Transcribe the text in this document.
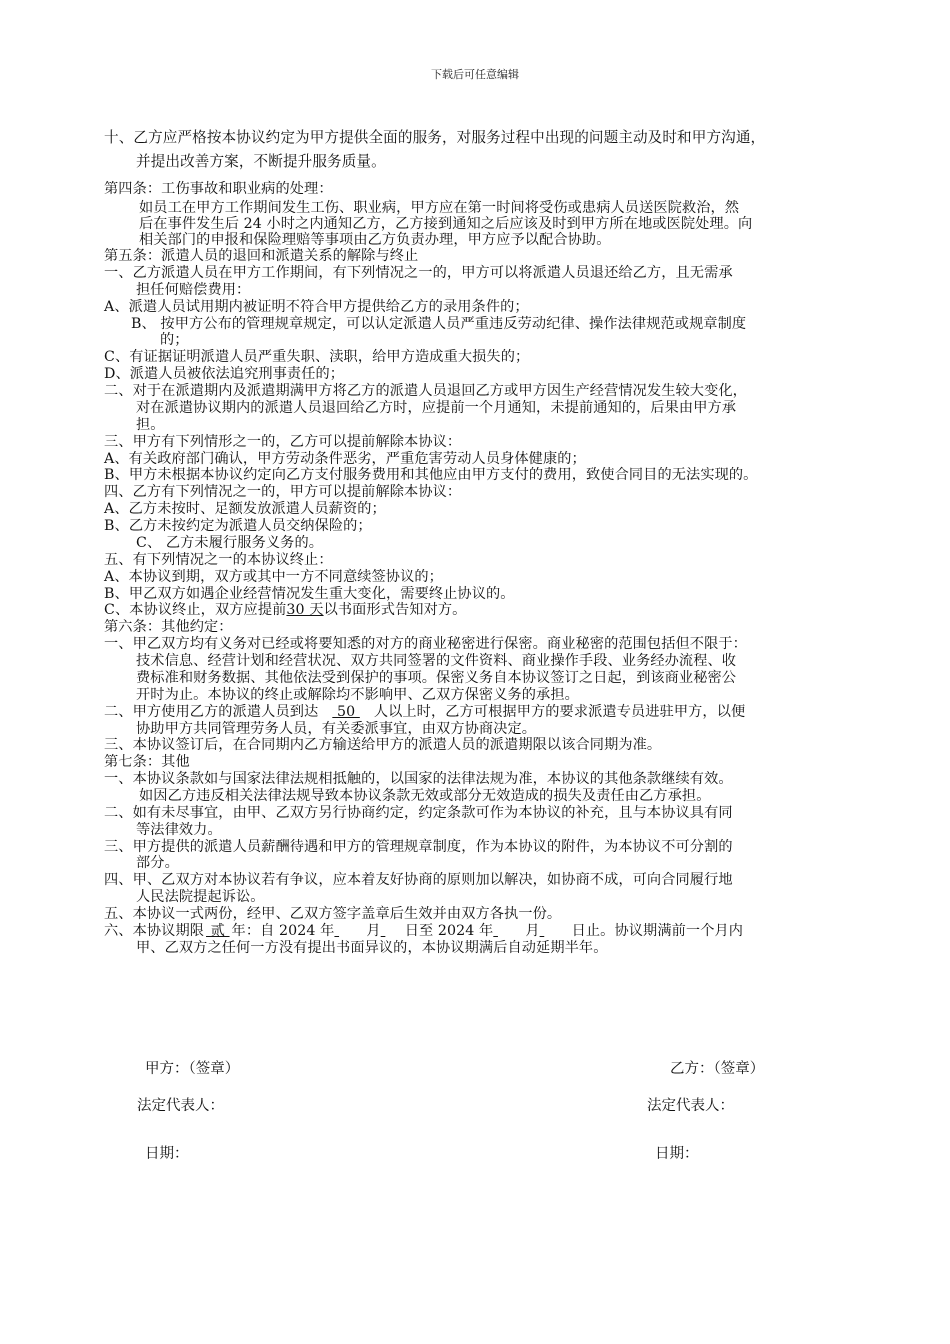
下载后可任意编辑
十、乙方应严格按本协议约定为甲方提供全面的服务，对服务过程中出现的问题主动及时和甲方沟通，
并提出改善方案，不断提升服务质量。
第四条：工伤事故和职业病的处理：
如员工在甲方工作期间发生工伤、职业病，甲方应在第一时间将受伤或患病人员送医院救治，然
后在事件发生后 24 小时之内通知乙方，乙方接到通知之后应该及时到甲方所在地或医院处理。向
相关部门的申报和保险理赔等事项由乙方负责办理，甲方应予以配合协助。
第五条：派遣人员的退回和派遣关系的解除与终止
一、乙方派遣人员在甲方工作期间，有下列情况之一的，甲方可以将派遣人员退还给乙方，且无需承
担任何赔偿费用：
A、派遣人员试用期内被证明不符合甲方提供给乙方的录用条件的；
B、 按甲方公布的管理规章规定，可以认定派遣人员严重违反劳动纪律、操作法律规范或规章制度
的；
C、有证据证明派遣人员严重失职、渎职，给甲方造成重大损失的；
D、派遣人员被依法追究刑事责任的；
二、对于在派遣期内及派遣期满甲方将乙方的派遣人员退回乙方或甲方因生产经营情况发生较大变化，
对在派遣协议期内的派遣人员退回给乙方时，应提前一个月通知，未提前通知的，后果由甲方承
担。
三、甲方有下列情形之一的，乙方可以提前解除本协议：
A、有关政府部门确认，甲方劳动条件恶劣，严重危害劳动人员身体健康的；
B、甲方未根据本协议约定向乙方支付服务费用和其他应由甲方支付的费用，致使合同目的无法实现的。
四、乙方有下列情况之一的，甲方可以提前解除本协议：
A、乙方未按时、足额发放派遣人员薪资的；
B、乙方未按约定为派遣人员交纳保险的；
C、 乙方未履行服务义务的。
五、有下列情况之一的本协议终止：
A、本协议到期，双方或其中一方不同意续签协议的；
B、甲乙双方如遇企业经营情况发生重大变化，需要终止协议的。
C、本协议终止，双方应提前30 天以书面形式告知对方。
第六条：其他约定：
一、甲乙双方均有义务对已经或将要知悉的对方的商业秘密进行保密。商业秘密的范围包括但不限于：
技术信息、经营计划和经营状况、双方共同签署的文件资料、商业操作手段、业务经办流程、收
费标准和财务数据、其他依法受到保护的事项。保密义务自本协议签订之日起，到该商业秘密公
开时为止。本协议的终止或解除均不影响甲、乙双方保密义务的承担。
二、甲方使用乙方的派遣人员到达 50 人以上时，乙方可根据甲方的要求派遣专员进驻甲方，以便
协助甲方共同管理劳务人员，有关委派事宜，由双方协商决定。
三、本协议签订后，在合同期内乙方输送给甲方的派遣人员的派遣期限以该合同期为准。
第七条：其他
一、本协议条款如与国家法律法规相抵触的，以国家的法律法规为准，本协议的其他条款继续有效。
如因乙方违反相关法律法规导致本协议条款无效或部分无效造成的损失及责任由乙方承担。
二、如有未尽事宜，由甲、乙双方另行协商约定，约定条款可作为本协议的补充，且与本协议具有同
等法律效力。
三、甲方提供的派遣人员薪酬待遇和甲方的管理规章制度，作为本协议的附件，为本协议不可分割的
部分。
四、甲、乙双方对本协议若有争议，应本着友好协商的原则加以解决，如协商不成，可向合同履行地
人民法院提起诉讼。
五、本协议一式两份，经甲、乙双方签字盖章后生效并由双方各执一份。
六、本协议期限 贰 年：自 2024 年 月 日至 2024 年 月 日止。协议期满前一个月内
甲、乙双方之任何一方没有提出书面异议的，本协议期满后自动延期半年。
甲方：（签章）	乙方：（签章）
法定代表人：	法定代表人：
日期：	日期：
